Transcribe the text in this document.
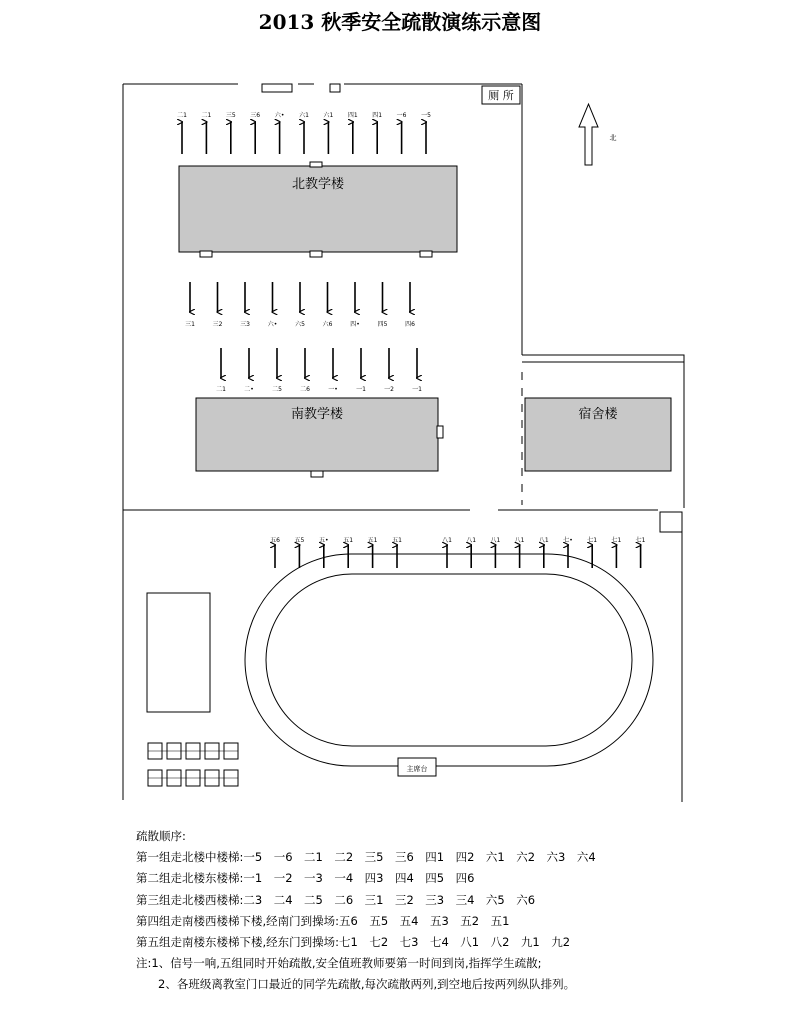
2013 秋季安全疏散演练示意图
厕 所
北
北教学楼
南教学楼	宿舍楼
主席台
二1 二1 三5 三6 六• 六1 六1 四1 四1 一6 一5
三1	三2	三3	六•	六5	六6	四•	四5	四6
二1	二•	二5	二6	一•	一1	一2	一1
五6 五5 五• 五1 五1 五1	八1 八1 八1 八1 八1 七• 七1 七1 七1
疏散顺序:
第一组走北楼中楼梯:一5　一6　二1　二2　三5　三6　四1　四2　六1　六2　六3　六4
第二组走北楼东楼梯:一1　一2　一3　一4　四3　四4　四5　四6
第三组走北楼西楼梯:二3　二4　二5　二6　三1　三2　三3　三4　六5　六6
第四组走南楼西楼梯下楼,经南门到操场:五6　五5　五4　五3　五2　五1
第五组走南楼东楼梯下楼,经东门到操场:七1　七2　七3　七4　八1　八2　九1　九2
注:1、信号一响,五组同时开始疏散,安全值班教师要第一时间到岗,指挥学生疏散;
2、各班级离教室门口最近的同学先疏散,每次疏散两列,到空地后按两列纵队排列。
